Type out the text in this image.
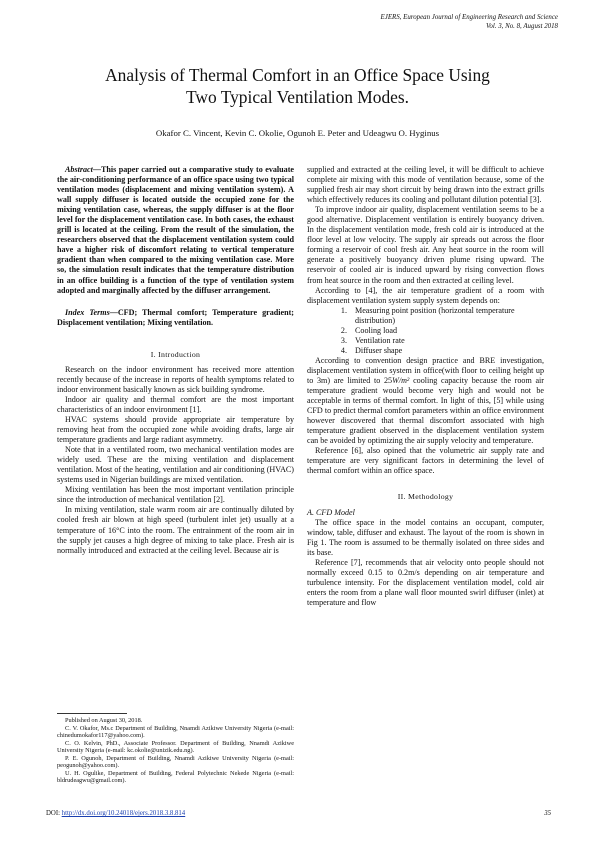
EJERS, European Journal of Engineering Research and Science
Vol. 3, No. 8, August 2018
Analysis of Thermal Comfort in an Office Space Using
Two Typical Ventilation Modes.
Okafor C. Vincent, Kevin C. Okolie, Ogunoh E. Peter and Udeagwu O. Hyginus

Abstract—This paper carried out a comparative study to evaluate the air-conditioning performance of an office space using two typical ventilation modes (displacement and mixing ventilation system). A wall supply diffuser is located outside the occupied zone for the mixing ventilation case, whereas, the supply diffuser is at the floor level for the displacement ventilation case. In both cases, the exhaust grill is located at the ceiling. From the result of the simulation, the researchers observed that the displacement ventilation system could have a higher risk of discomfort relating to vertical temperature gradient than when compared to the mixing ventilation case. More so, the simulation result indicates that the temperature distribution in an office building is a function of the type of ventilation system adopted and marginally affected by the diffuser arrangement.

Index Terms—CFD; Thermal comfort; Temperature gradient; Displacement ventilation; Mixing ventilation.

I. Introduction

Research on the indoor environment has received more attention recently because of the increase in reports of health symptoms related to indoor environment basically known as sick building syndrome.

Indoor air quality and thermal comfort are the most important characteristics of an indoor environment [1].

HVAC systems should provide appropriate air temperature by removing heat from the occupied zone while avoiding drafts, large air temperature gradients and large radiant asymmetry.

Note that in a ventilated room, two mechanical ventilation modes are widely used. These are the mixing ventilation and displacement ventilation. Most of the heating, ventilation and air conditioning (HVAC) systems used in Nigerian buildings are mixed ventilation.

Mixing ventilation has been the most important ventilation principle since the introduction of mechanical ventilation [2].

In mixing ventilation, stale warm room air are continually diluted by cooled fresh air blown at high speed (turbulent inlet jet) usually at a temperature of 16°C into the room. The entrainment of the room air in the supply jet causes a high degree of mixing to take place. Fresh air is normally introduced and extracted at the ceiling level. Because air is

Published on August 30, 2018.

C. V. Okafor, Ms.c Department of Building, Nnamdi Azikiwe University Nigeria (e-mail: chinedumokafor117@yahoo.com).

C. O. Kelvin, PhD., Associate Professor. Department of Building, Nnamdi Azikiwe University Nigeria (e-mail: kc.okolie@unizik.edu.ng).

P. E. Ogunoh, Department of Building, Nnamdi Azikiwe University Nigeria (e-mail: peogunoh@yahoo.com).

U. H. Ogulike, Department of Building, Federal Polytechnic Nekede Nigeria (e-mail: bldrudeagwu@gmail.com).

supplied and extracted at the ceiling level, it will be difficult to achieve complete air mixing with this mode of ventilation because, some of the supplied fresh air may short circuit by being drawn into the extract grills which effectively reduces its cooling and pollutant dilution potential [3].

To improve indoor air quality, displacement ventilation seems to be a good alternative. Displacement ventilation is entirely buoyancy driven. In the displacement ventilation mode, fresh cold air is introduced at the floor level at low velocity. The supply air spreads out across the floor forming a reservoir of cool fresh air. Any heat source in the room will generate a positively buoyancy driven plume rising upward. The reservoir of cooled air is induced upward by rising convection flows from heat source in the room and then extracted at ceiling level.

According to [4], the air temperature gradient of a room with displacement ventilation system supply system depends on:

1. Measuring point position (horizontal temperature distribution)
2. Cooling load
3. Ventilation rate
4. Diffuser shape

According to convention design practice and BRE investigation, displacement ventilation system in office(with floor to ceiling height up to 3m) are limited to 25W/m² cooling capacity because the room air temperature gradient would become very high and would not be acceptable in terms of thermal comfort. In light of this, [5] while using CFD to predict thermal comfort parameters within an office environment however discovered that thermal discomfort associated with high temperature gradient observed in the displacement ventilation system can be avoided by optimizing the air supply velocity and temperature.

Reference [6], also opined that the volumetric air supply rate and temperature are very significant factors in determining the level of thermal comfort within an office space.

II. Methodology

A. CFD Model

The office space in the model contains an occupant, computer, window, table, diffuser and exhaust. The layout of the room is shown in Fig 1. The room is assumed to be thermally isolated on three sides and its base.

Reference [7], recommends that air velocity onto people should not normally exceed 0.15 to 0.2m/s depending on air temperature and turbulence intensity. For the displacement ventilation model, cold air enters the room from a plane wall floor mounted swirl diffuser (inlet) at temperature and flow

DOI: http://dx.doi.org/10.24018/ejers.2018.3.8.814	35
